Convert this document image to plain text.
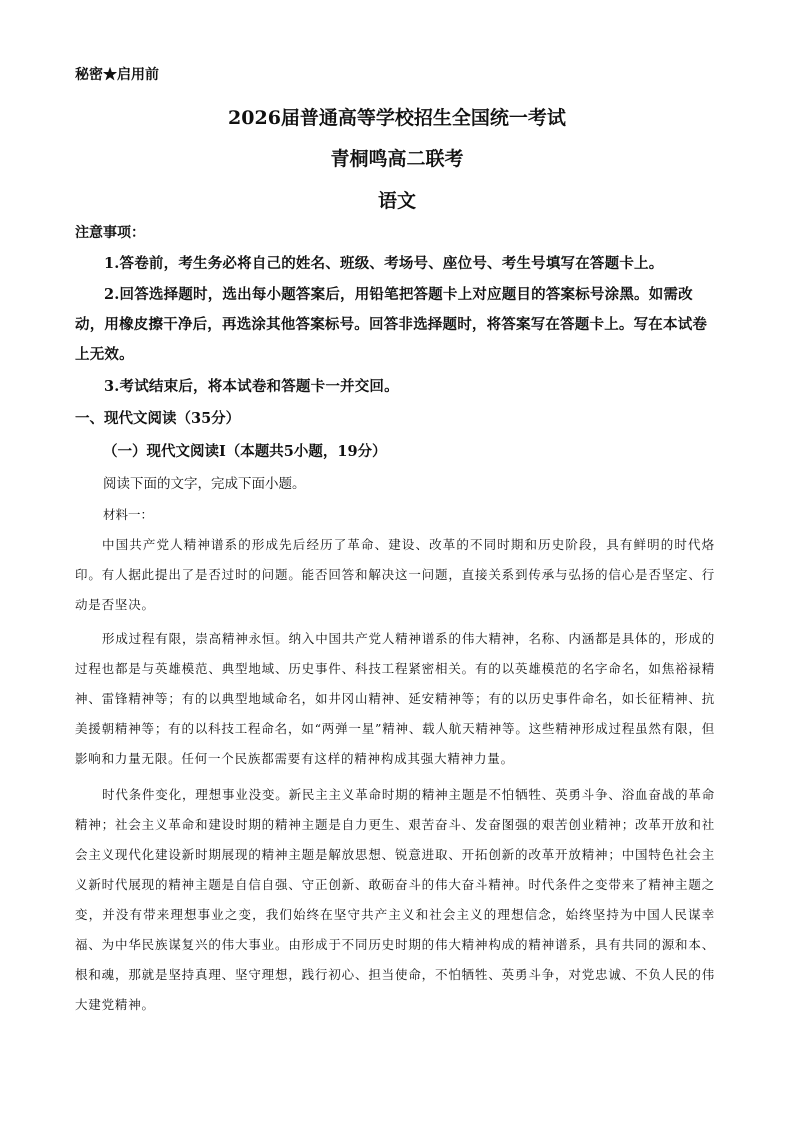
秘密★启用前
2026届普通高等学校招生全国统一考试
青桐鸣高二联考
语文
注意事项：
1.答卷前，考生务必将自己的姓名、班级、考场号、座位号、考生号填写在答题卡上。
2.回答选择题时，选出每小题答案后，用铅笔把答题卡上对应题目的答案标号涂黑。如需改动，用橡皮擦干净后，再选涂其他答案标号。回答非选择题时，将答案写在答题卡上。写在本试卷上无效。
3.考试结束后，将本试卷和答题卡一并交回。
一、现代文阅读（35分）
（一）现代文阅读Ⅰ（本题共5小题，19分）
阅读下面的文字，完成下面小题。
材料一：
中国共产党人精神谱系的形成先后经历了革命、建设、改革的不同时期和历史阶段，具有鲜明的时代烙印。有人据此提出了是否过时的问题。能否回答和解决这一问题，直接关系到传承与弘扬的信心是否坚定、行动是否坚决。
形成过程有限，崇高精神永恒。纳入中国共产党人精神谱系的伟大精神，名称、内涵都是具体的，形成的过程也都是与英雄模范、典型地域、历史事件、科技工程紧密相关。有的以英雄模范的名字命名，如焦裕禄精神、雷锋精神等；有的以典型地域命名，如井冈山精神、延安精神等；有的以历史事件命名，如长征精神、抗美援朝精神等；有的以科技工程命名，如“两弹一星”精神、载人航天精神等。这些精神形成过程虽然有限，但影响和力量无限。任何一个民族都需要有这样的精神构成其强大精神力量。
时代条件变化，理想事业没变。新民主主义革命时期的精神主题是不怕牺牲、英勇斗争、浴血奋战的革命精神；社会主义革命和建设时期的精神主题是自力更生、艰苦奋斗、发奋图强的艰苦创业精神；改革开放和社会主义现代化建设新时期展现的精神主题是解放思想、锐意进取、开拓创新的改革开放精神；中国特色社会主义新时代展现的精神主题是自信自强、守正创新、敢砺奋斗的伟大奋斗精神。时代条件之变带来了精神主题之变，并没有带来理想事业之变，我们始终在坚守共产主义和社会主义的理想信念，始终坚持为中国人民谋幸福、为中华民族谋复兴的伟大事业。由形成于不同历史时期的伟大精神构成的精神谱系，具有共同的源和本、根和魂，那就是坚持真理、坚守理想，践行初心、担当使命，不怕牺牲、英勇斗争，对党忠诚、不负人民的伟大建党精神。
